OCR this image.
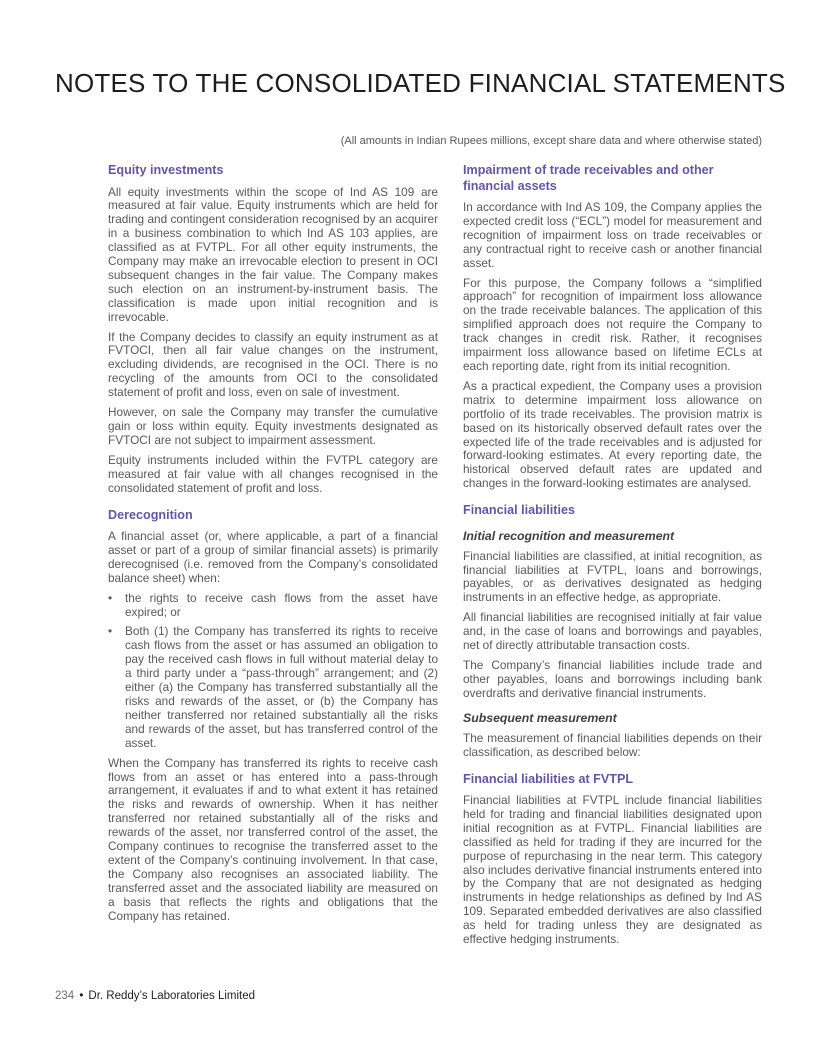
NOTES TO THE CONSOLIDATED FINANCIAL STATEMENTS
(All amounts in Indian Rupees millions, except share data and where otherwise stated)
Equity investments

All equity investments within the scope of Ind AS 109 are measured at fair value. Equity instruments which are held for trading and contingent consideration recognised by an acquirer in a business combination to which Ind AS 103 applies, are classified as at FVTPL. For all other equity instruments, the Company may make an irrevocable election to present in OCI subsequent changes in the fair value. The Company makes such election on an instrument-by-instrument basis. The classification is made upon initial recognition and is irrevocable.

If the Company decides to classify an equity instrument as at FVTOCI, then all fair value changes on the instrument, excluding dividends, are recognised in the OCI. There is no recycling of the amounts from OCI to the consolidated statement of profit and loss, even on sale of investment.

However, on sale the Company may transfer the cumulative gain or loss within equity. Equity investments designated as FVTOCI are not subject to impairment assessment.

Equity instruments included within the FVTPL category are measured at fair value with all changes recognised in the consolidated statement of profit and loss.

Derecognition

A financial asset (or, where applicable, a part of a financial asset or part of a group of similar financial assets) is primarily derecognised (i.e. removed from the Company’s consolidated balance sheet) when:

•	the rights to receive cash flows from the asset have expired; or

•	Both (1) the Company has transferred its rights to receive cash flows from the asset or has assumed an obligation to pay the received cash flows in full without material delay to a third party under a “pass-through” arrangement; and (2) either (a) the Company has transferred substantially all the risks and rewards of the asset, or (b) the Company has neither transferred nor retained substantially all the risks and rewards of the asset, but has transferred control of the asset.

When the Company has transferred its rights to receive cash flows from an asset or has entered into a pass-through arrangement, it evaluates if and to what extent it has retained the risks and rewards of ownership. When it has neither transferred nor retained substantially all of the risks and rewards of the asset, nor transferred control of the asset, the Company continues to recognise the transferred asset to the extent of the Company’s continuing involvement. In that case, the Company also recognises an associated liability. The transferred asset and the associated liability are measured on a basis that reflects the rights and obligations that the Company has retained.

Impairment of trade receivables and other financial assets

In accordance with Ind AS 109, the Company applies the expected credit loss (“ECL”) model for measurement and recognition of impairment loss on trade receivables or any contractual right to receive cash or another financial asset.

For this purpose, the Company follows a “simplified approach” for recognition of impairment loss allowance on the trade receivable balances. The application of this simplified approach does not require the Company to track changes in credit risk. Rather, it recognises impairment loss allowance based on lifetime ECLs at each reporting date, right from its initial recognition.

As a practical expedient, the Company uses a provision matrix to determine impairment loss allowance on portfolio of its trade receivables. The provision matrix is based on its historically observed default rates over the expected life of the trade receivables and is adjusted for forward-looking estimates. At every reporting date, the historical observed default rates are updated and changes in the forward-looking estimates are analysed.

Financial liabilities
Initial recognition and measurement

Financial liabilities are classified, at initial recognition, as financial liabilities at FVTPL, loans and borrowings, payables, or as derivatives designated as hedging instruments in an effective hedge, as appropriate.

All financial liabilities are recognised initially at fair value and, in the case of loans and borrowings and payables, net of directly attributable transaction costs.

The Company’s financial liabilities include trade and other payables, loans and borrowings including bank overdrafts and derivative financial instruments.

Subsequent measurement

The measurement of financial liabilities depends on their classification, as described below:

Financial liabilities at FVTPL

Financial liabilities at FVTPL include financial liabilities held for trading and financial liabilities designated upon initial recognition as at FVTPL. Financial liabilities are classified as held for trading if they are incurred for the purpose of repurchasing in the near term. This category also includes derivative financial instruments entered into by the Company that are not designated as hedging instruments in hedge relationships as defined by Ind AS 109. Separated embedded derivatives are also classified as held for trading unless they are designated as effective hedging instruments.

234 • Dr. Reddy’s Laboratories Limited
